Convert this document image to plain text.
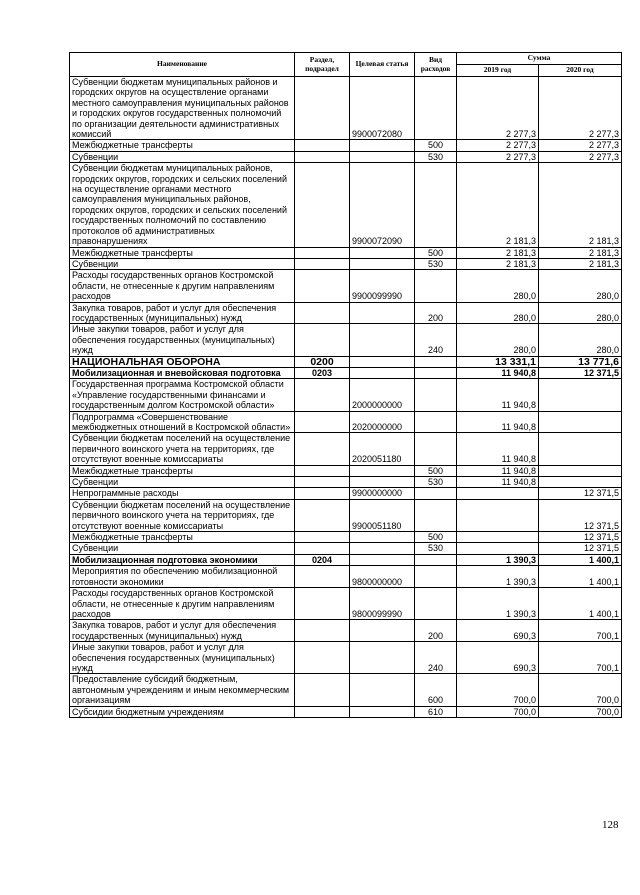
Наименование	Раздел, подраздел	Целевая статья	Вид расходов	Сумма	
				2019 год	2020 год
Субвенции бюджетам муниципальных районов и городских округов на осуществление органами местного самоуправления муниципальных районов и городских округов государственных полномочий по организации деятельности административных комиссий		9900072080		2 277,3	2 277,3
Межбюджетные трансферты			500	2 277,3	2 277,3
Субвенции			530	2 277,3	2 277,3
Субвенции бюджетам муниципальных районов, городских округов, городских и сельских поселений на осуществление органами местного самоуправления муниципальных районов, городских округов, городских и сельских поселений государственных полномочий по составлению протоколов об административных правонарушениях		9900072090		2 181,3	2 181,3
Межбюджетные трансферты			500	2 181,3	2 181,3
Субвенции			530	2 181,3	2 181,3
Расходы государственных органов Костромской области, не отнесенные к другим направлениям расходов		9900099990		280,0	280,0
Закупка товаров, работ и услуг для обеспечения государственных (муниципальных) нужд			200	280,0	280,0
Иные закупки товаров, работ и услуг для обеспечения государственных (муниципальных) нужд			240	280,0	280,0
НАЦИОНАЛЬНАЯ ОБОРОНА	0200			13 331,1	13 771,6
Мобилизационная и вневойсковая подготовка	0203			11 940,8	12 371,5
Государственная программа Костромской области «Управление государственными финансами и государственным долгом Костромской области»		2000000000		11 940,8	
Подпрограмма «Совершенствование межбюджетных отношений в Костромской области»		2020000000		11 940,8	
Субвенции бюджетам поселений на осуществление первичного воинского учета на территориях, где отсутствуют военные комиссариаты		2020051180		11 940,8	
Межбюджетные трансферты			500	11 940,8	
Субвенции			530	11 940,8	
Непрограммные расходы		9900000000			12 371,5
Субвенции бюджетам поселений на осуществление первичного воинского учета на территориях, где отсутствуют военные комиссариаты		9900051180			12 371,5
Межбюджетные трансферты			500		12 371,5
Субвенции			530		12 371,5
Мобилизационная подготовка экономики	0204			1 390,3	1 400,1
Мероприятия по обеспечению мобилизационной готовности экономики		9800000000		1 390,3	1 400,1
Расходы государственных органов Костромской области, не отнесенные к другим направлениям расходов		9800099990		1 390,3	1 400,1
Закупка товаров, работ и услуг для обеспечения государственных (муниципальных) нужд			200	690,3	700,1
Иные закупки товаров, работ и услуг для обеспечения государственных (муниципальных) нужд			240	690,3	700,1
Предоставление субсидий бюджетным, автономным учреждениям и иным некоммерческим организациям			600	700,0	700,0
Субсидии бюджетным учреждениям			610	700,0	700,0
128
